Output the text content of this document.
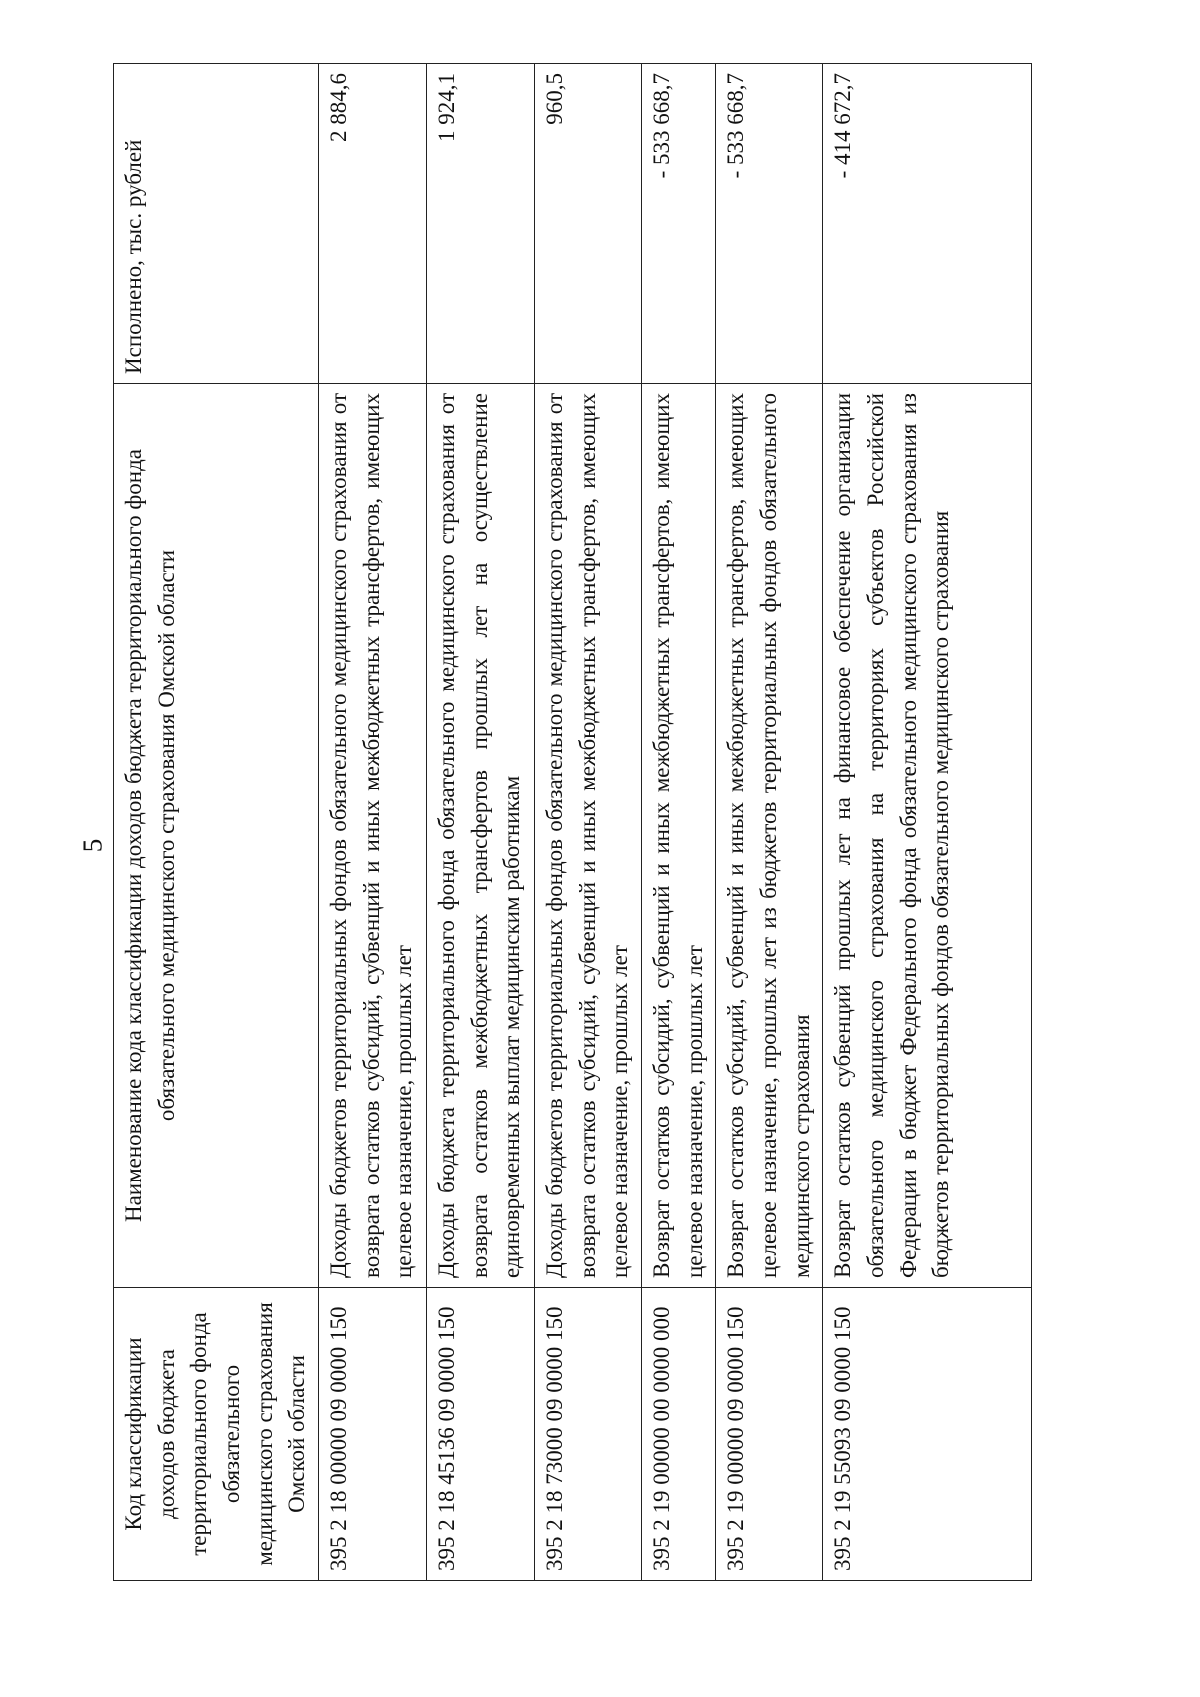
5
Код классификации доходов бюджета территориального фонда обязательного медицинского страхования Омской области	Наименование кода классификации доходов бюджета территориального фонда обязательного медицинского страхования Омской области	Исполнено, тыс. рублей
395 2 18 00000 09 0000 150	Доходы бюджетов территориальных фондов обязательного медицинского страхования от возврата остатков субсидий, субвенций и иных межбюджетных трансфертов, имеющих целевое назначение, прошлых лет	2 884,6
395 2 18 45136 09 0000 150	Доходы бюджета территориального фонда обязательного медицинского страхования от возврата остатков межбюджетных трансфертов прошлых лет на осуществление единовременных выплат медицинским работникам	1 924,1
395 2 18 73000 09 0000 150	Доходы бюджетов территориальных фондов обязательного медицинского страхования от возврата остатков субсидий, субвенций и иных межбюджетных трансфертов, имеющих целевое назначение, прошлых лет	960,5
395 2 19 00000 00 0000 000	Возврат остатков субсидий, субвенций и иных межбюджетных трансфертов, имеющих целевое назначение, прошлых лет	- 533 668,7
395 2 19 00000 09 0000 150	Возврат остатков субсидий, субвенций и иных межбюджетных трансфертов, имеющих целевое назначение, прошлых лет из бюджетов территориальных фондов обязательного медицинского страхования	- 533 668,7
395 2 19 55093 09 0000 150	Возврат остатков субвенций прошлых лет на финансовое обеспечение организации обязательного медицинского страхования на территориях субъектов Российской Федерации в бюджет Федерального фонда обязательного медицинского страхования из бюджетов территориальных фондов обязательного медицинского страхования	- 414 672,7
